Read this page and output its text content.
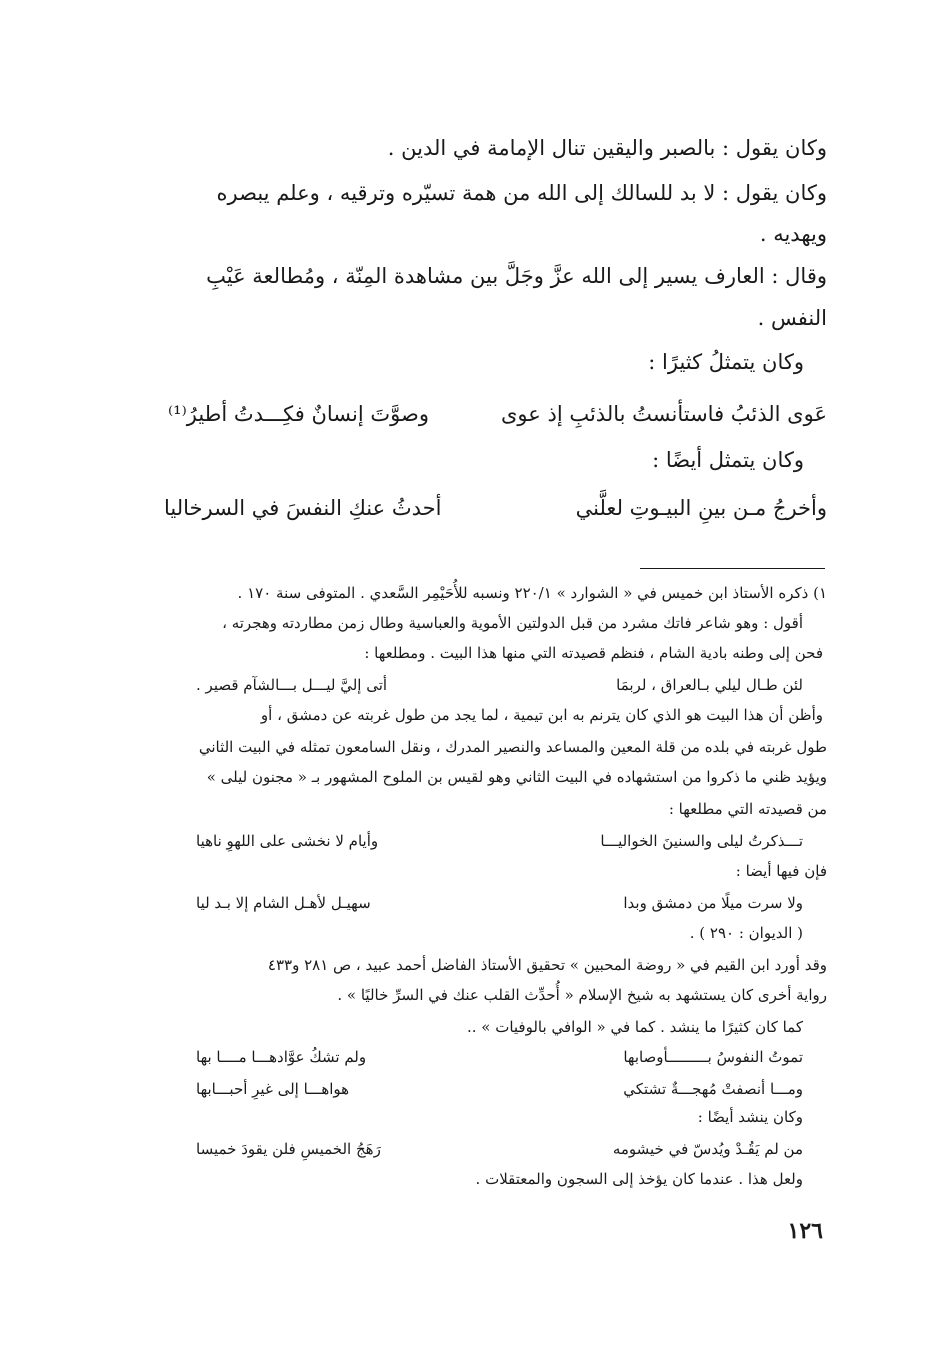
وكان يقول : بالصبر واليقين تنال الإمامة في الدين .
وكان يقول : لا بد للسالك إلى الله من همة تسيّره وترقيه ، وعلم يبصره
ويهديه .
وقال : العارف يسير إلى الله عزَّ وجَلَّ بين مشاهدة المِنّة ، ومُطالعة عَيْبِ
النفس .
وكان يتمثلُ كثيرًا :
عَوى الذئبُ فاستأنستُ بالذئبِ إذ عوى
وصوَّتَ إنسانٌ فكِـــدتُ أطيرُ⁽¹⁾
وكان يتمثل أيضًا :
وأخرجُ مـن بينِ البيـوتِ لعلَّني
أحدثُ عنكِ النفسَ في السرخاليا
١) ذكره الأستاذ ابن خميس في « الشوارد » ٢٢٠/١ ونسبه للأُحَيْمِر السَّعدي . المتوفى سنة ١٧٠ .
أقول : وهو شاعر فاتك مشرد من قبل الدولتين الأموية والعباسية وطال زمن مطاردته وهجرته ،
فحن إلى وطنه بادية الشام ، فنظم قصيدته التي منها هذا البيت . ومطلعها :
لئن طـال ليلي بـالعراق ، لربمَا
أتى إليَّ ليـــل بـــالشآم قصير .
وأظن أن هذا البيت هو الذي كان يترنم به ابن تيمية ، لما يجد من طول غربته عن دمشق ، أو
طول غربته في بلده من قلة المعين والمساعد والنصير المدرك ، ونقل السامعون تمثله في البيت الثاني
ويؤيد ظني ما ذكروا من استشهاده في البيت الثاني وهو لقيس بن الملوح المشهور بـ « مجنون ليلى »
من قصيدته التي مطلعها :
تـــذكرتُ ليلى والسنينَ الخواليـــا
وأيام لا نخشى على اللهوِ ناهيا
فإن فيها أيضا :
ولا سرت ميلًا من دمشق وبدا
سهيـل لأهـل الشام إلا بـد ليا
( الديوان : ٢٩٠ ) .
وقد أورد ابن القيم في « روضة المحبين » تحقيق الأستاذ الفاضل أحمد عبيد ، ص ٢٨١ و٤٣٣
رواية أخرى كان يستشهد به شيخ الإسلام « أُحدِّث القلب عنك في السرِّ خاليًا » .
كما كان كثيرًا ما ينشد . كما في « الوافي بالوفيات » ..
تموتُ النفوسُ بـــــــــأوصابها
ولم تشكُ عوَّادهـــا مــــا بها
ومـــا أنصفتْ مُهجـــةٌ تشتكي
هواهـــا إلى غيرِ أحبـــابها
وكان ينشد أيضًا :
من لم يَقُـدْ ويُدسّ في خيشومه
رَهَجُ الخميسِ فلن يقودَ خميسا
ولعل هذا . عندما كان يؤخذ إلى السجون والمعتقلات .
١٢٦
